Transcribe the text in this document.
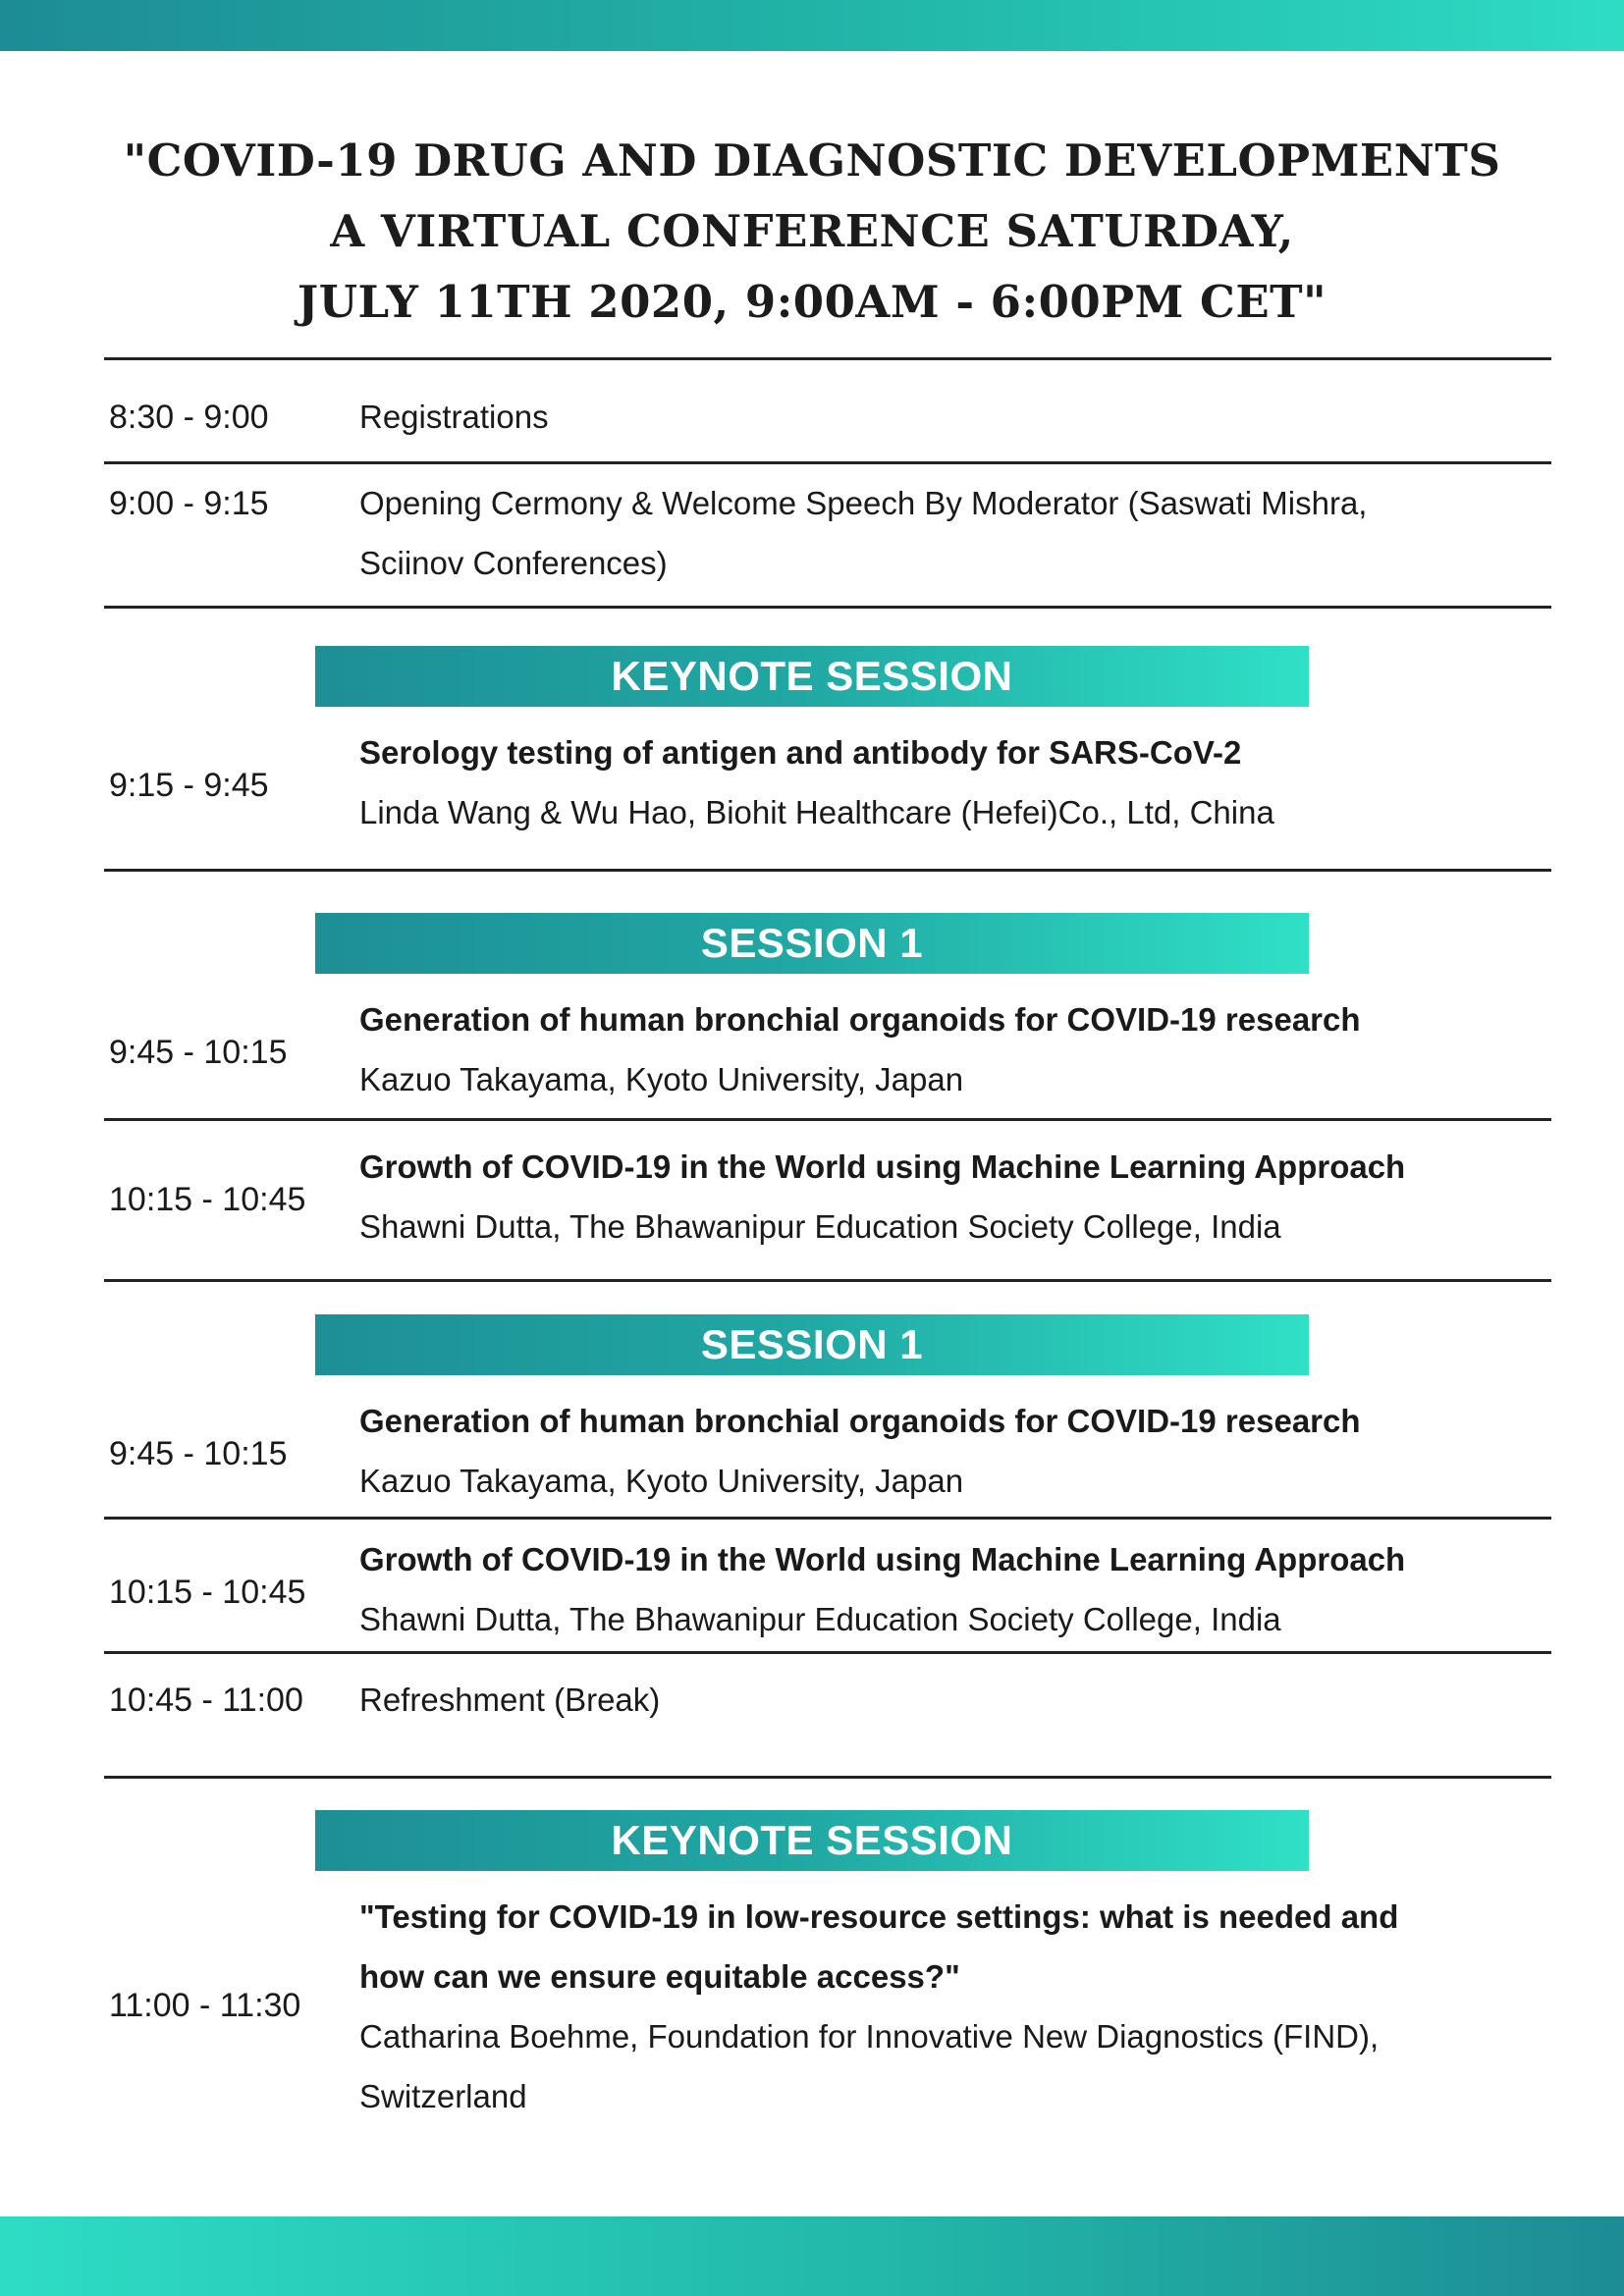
"COVID-19 DRUG AND DIAGNOSTIC DEVELOPMENTS
A VIRTUAL CONFERENCE SATURDAY,
JULY 11TH 2020, 9:00AM - 6:00PM CET"
8:30 - 9:00	Registrations
9:00 - 9:15	Opening Cermony & Welcome Speech By Moderator (Saswati Mishra,
Sciinov Conferences)
KEYNOTE SESSION
9:15 - 9:45
Serology testing of antigen and antibody for SARS-CoV-2
Linda Wang & Wu Hao, Biohit Healthcare (Hefei)Co., Ltd, China
SESSION 1
9:45 - 10:15
Generation of human bronchial organoids for COVID-19 research
Kazuo Takayama, Kyoto University, Japan
10:15 - 10:45
Growth of COVID-19 in the World using Machine Learning Approach
Shawni Dutta, The Bhawanipur Education Society College, India
SESSION 1
9:45 - 10:15
Generation of human bronchial organoids for COVID-19 research
Kazuo Takayama, Kyoto University, Japan
10:15 - 10:45
Growth of COVID-19 in the World using Machine Learning Approach
Shawni Dutta, The Bhawanipur Education Society College, India
10:45 - 11:00 Refreshment (Break)
KEYNOTE SESSION
11:00 - 11:30
"Testing for COVID-19 in low-resource settings: what is needed and
how can we ensure equitable access?"
Catharina Boehme, Foundation for Innovative New Diagnostics (FIND),
Switzerland
